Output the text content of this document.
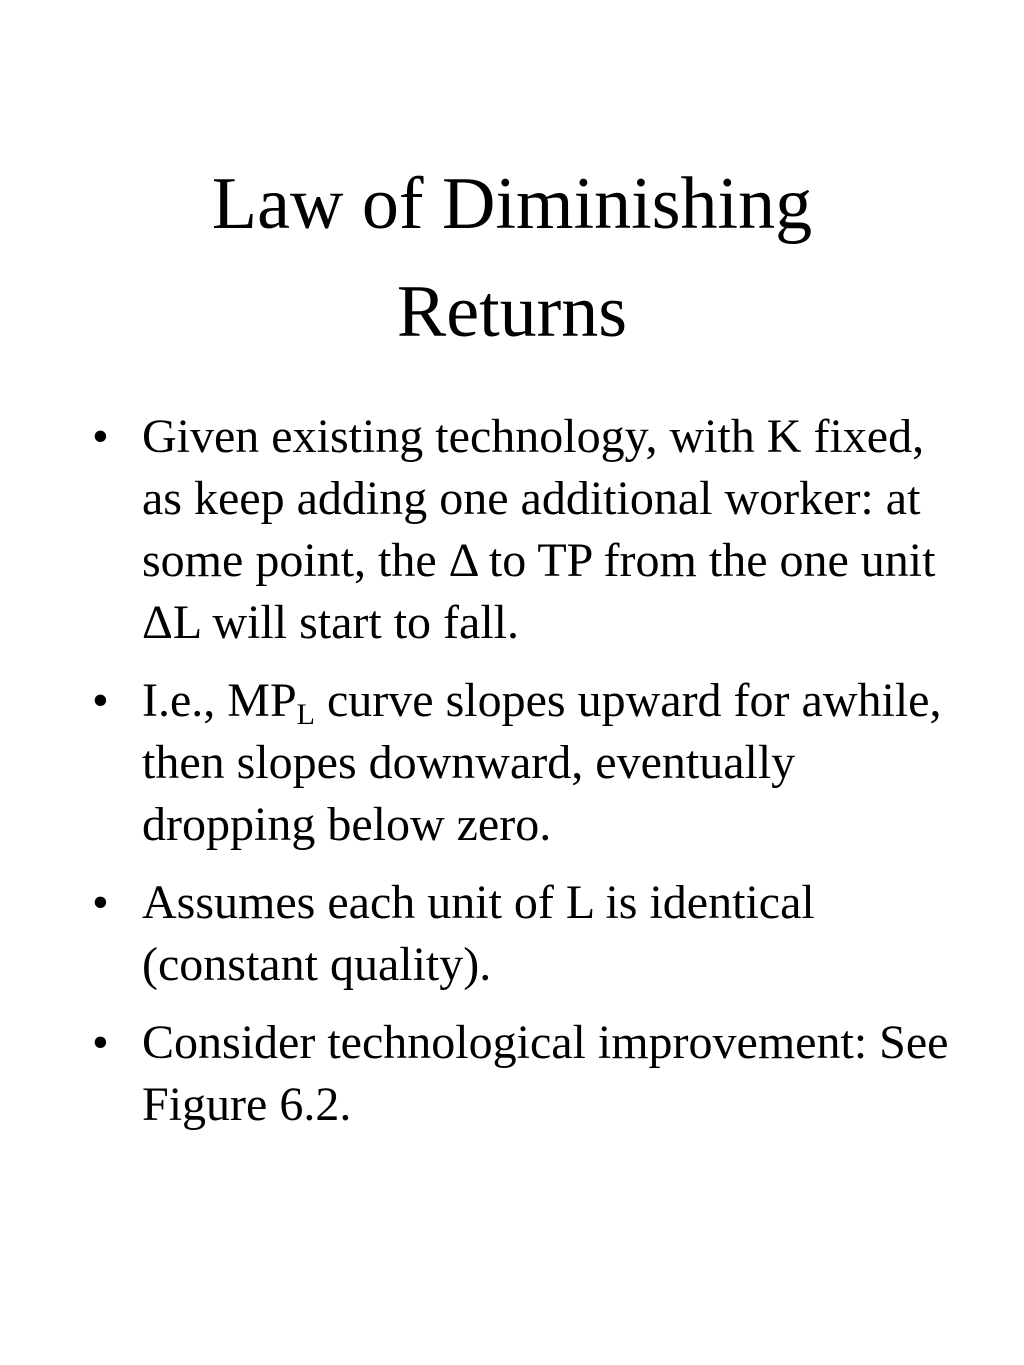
Law of Diminishing
Returns
• Given existing technology, with K fixed, as keep adding one additional worker: at some point, the Δ to TP from the one unit ΔL will start to fall.
• I.e., $MP_L$ curve slopes upward for awhile, then slopes downward, eventually dropping below zero.
• Assumes each unit of L is identical (constant quality).
• Consider technological improvement: See Figure 6.2.
